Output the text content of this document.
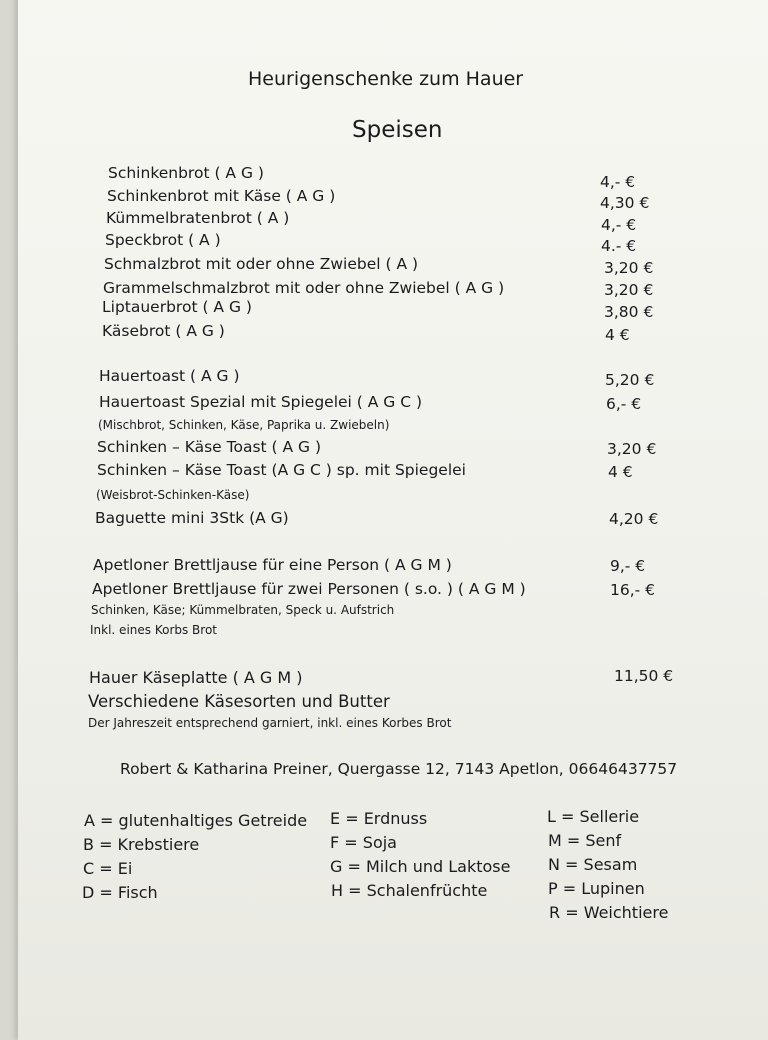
Heurigenschenke zum Hauer
Speisen
Schinkenbrot ( A G )	4,- €
Schinkenbrot mit Käse ( A G )	4,30 €
Kümmelbratenbrot ( A )	4,- €
Speckbrot ( A )	4.- €
Schmalzbrot mit oder ohne Zwiebel ( A )	3,20 €
Grammelschmalzbrot mit oder ohne Zwiebel ( A G )	3,20 €
Liptauerbrot ( A G )	3,80 €
Käsebrot ( A G )	4 €
Hauertoast ( A G )	5,20 €
Hauertoast Spezial mit Spiegelei ( A G C )	6,- €
(Mischbrot, Schinken, Käse, Paprika u. Zwiebeln)
Schinken – Käse Toast ( A G )	3,20 €
Schinken – Käse Toast (A G C ) sp. mit Spiegelei	4 €
(Weisbrot-Schinken-Käse)
Baguette mini 3Stk (A G)	4,20 €
Apetloner Brettljause für eine Person ( A G M )	9,- €
Apetloner Brettljause für zwei Personen ( s.o. ) ( A G M )	16,- €
Schinken, Käse; Kümmelbraten, Speck u. Aufstrich
Inkl. eines Korbs Brot
Hauer Käseplatte ( A G M )	11,50 €
Verschiedene Käsesorten und Butter
Der Jahreszeit entsprechend garniert, inkl. eines Korbes Brot
Robert & Katharina Preiner, Quergasse 12, 7143 Apetlon, 06646437757
A = glutenhaltiges Getreide
B = Krebstiere
C = Ei
D = Fisch
E = Erdnuss
F = Soja
G = Milch und Laktose
H = Schalenfrüchte
L = Sellerie
M = Senf
N = Sesam
P = Lupinen
R = Weichtiere
